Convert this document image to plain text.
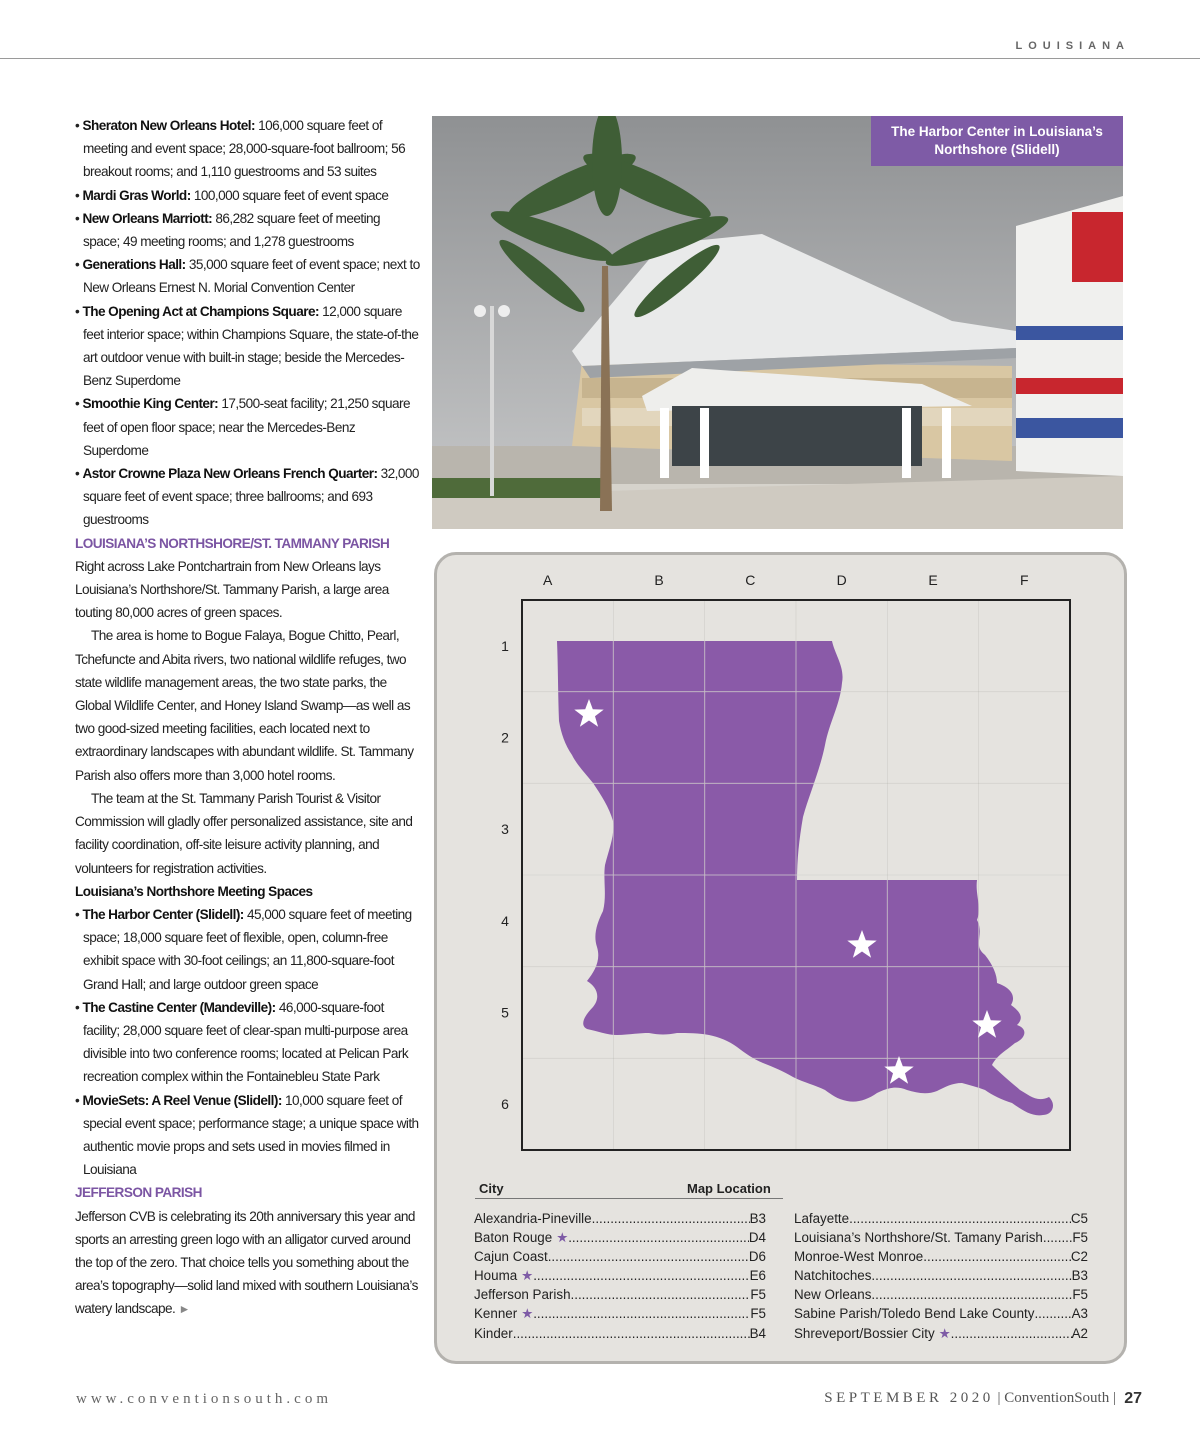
LOUISIANA

• Sheraton New Orleans Hotel: 106,000 square feet of meeting and event space; 28,000-square-foot ballroom; 56 breakout rooms; and 1,110 guestrooms and 53 suites

• Mardi Gras World: 100,000 square feet of event space

• New Orleans Marriott: 86,282 square feet of meeting space; 49 meeting rooms; and 1,278 guestrooms

• Generations Hall: 35,000 square feet of event space; next to New Orleans Ernest N. Morial Convention Center

• The Opening Act at Champions Square: 12,000 square feet interior space; within Champions Square, the state-of-the art outdoor venue with built-in stage; beside the Mercedes-Benz Superdome

• Smoothie King Center: 17,500-seat facility; 21,250 square feet of open floor space; near the Mercedes-Benz Superdome

• Astor Crowne Plaza New Orleans French Quarter: 32,000 square feet of event space; three ballrooms; and 693 guestrooms

LOUISIANA’S NORTHSHORE/ST. TAMMANY PARISH

Right across Lake Pontchartrain from New Orleans lays Louisiana’s Northshore/St. Tammany Parish, a large area touting 80,000 acres of green spaces.

The area is home to Bogue Falaya, Bogue Chitto, Pearl, Tchefuncte and Abita rivers, two national wildlife refuges, two state wildlife management areas, the two state parks, the Global Wildlife Center, and Honey Island Swamp—as well as two good-sized meeting facilities, each located next to extraordinary landscapes with abundant wildlife. St. Tammany Parish also offers more than 3,000 hotel rooms.

The team at the St. Tammany Parish Tourist & Visitor Commission will gladly offer personalized assistance, site and facility coordination, off-site leisure activity planning, and volunteers for registration activities.

Louisiana’s Northshore Meeting Spaces

• The Harbor Center (Slidell): 45,000 square feet of meeting space; 18,000 square feet of flexible, open, column-free exhibit space with 30-foot ceilings; an 11,800-square-foot Grand Hall; and large outdoor green space

• The Castine Center (Mandeville): 46,000-square-foot facility; 28,000 square feet of clear-span multi-purpose area divisible into two conference rooms; located at Pelican Park recreation complex within the Fontainebleu State Park

• MovieSets: A Reel Venue (Slidell): 10,000 square feet of special event space; performance stage; a unique space with authentic movie props and sets used in movies filmed in Louisiana

JEFFERSON PARISH

Jefferson CVB is celebrating its 20th anniversary this year and sports an arresting green logo with an alligator curved around the top of the zero. That choice tells you something about the area’s topography—solid land mixed with southern Louisiana’s watery landscape. ►

The Harbor Center in Louisiana’s Northshore (Slidell)
A	B	C	D	E	F
1
2
3
4
5
6
City	Map Location
Alexandria-Pineville .....	B3
Baton Rouge ★ .....	D4
Cajun Coast .....	D6
Houma ★ .....	E6
Jefferson Parish .....	F5
Kenner ★ .....	F5
Kinder .....	B4
Lafayette .....	C5
Louisiana’s Northshore/St. Tamany Parish ..... F5
Monroe-West Monroe .....	C2
Natchitoches .....	B3
New Orleans .....	F5
Sabine Parish/Toledo Bend Lake County .....	A3
Shreveport/Bossier City ★ .....	A2
www.conventionsouth.com	SEPTEMBER 2020 | ConventionSouth | 27
